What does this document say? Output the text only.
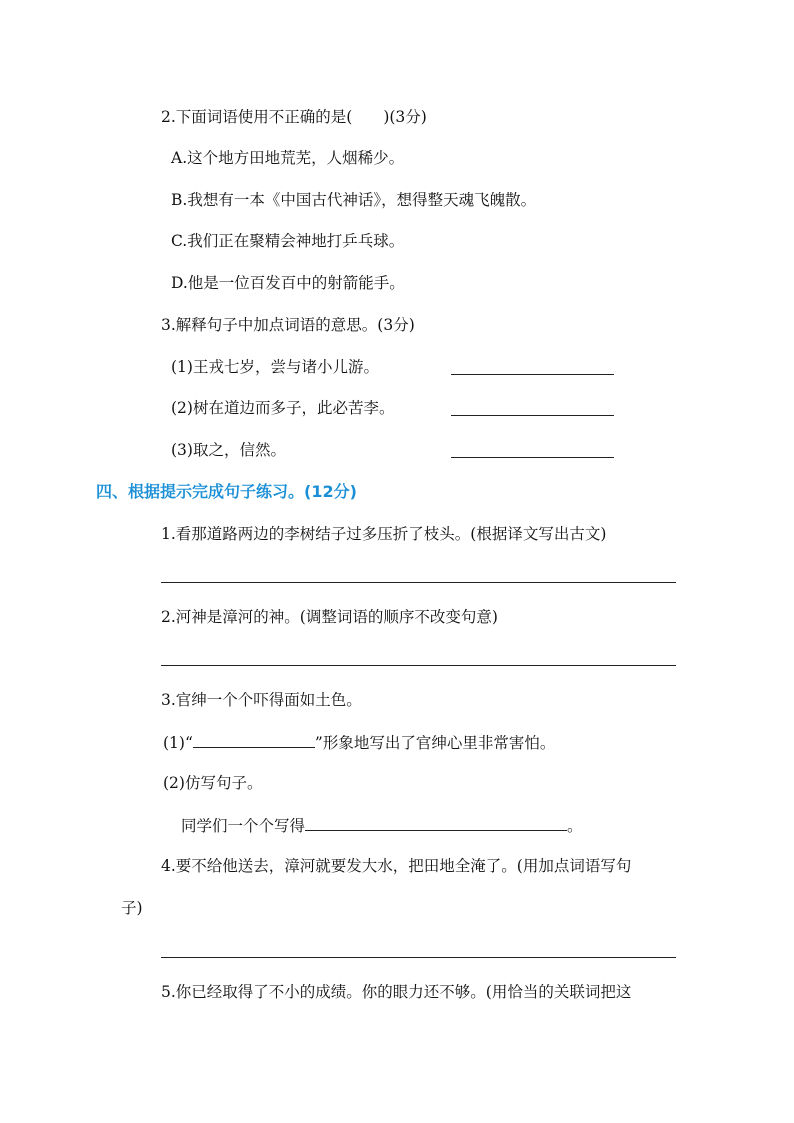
2.下面词语使用不正确的是(　　)(3分)
A.这个地方田地荒芜，人烟稀少。
B.我想有一本《中国古代神话》，想得整天魂飞魄散。
C.我们正在聚精会神地打乒乓球。
D.他是一位百发百中的射箭能手。
3.解释句子中加点词语的意思。(3分)
(1)王戎七岁，尝与诸小儿游。
(2)树在道边而多子，此必苦李。
(3)取之，信然。
四、根据提示完成句子练习。(12分)
1.看那道路两边的李树结子过多压折了枝头。(根据译文写出古文)
2.河神是漳河的神。(调整词语的顺序不改变句意)
3.官绅一个个吓得面如土色。
(1)“	”形象地写出了官绅心里非常害怕。
(2)仿写句子。
同学们一个个写得	。
4.要不给他送去，漳河就要发大水，把田地全淹了。(用加点词语写句
子)
5.你已经取得了不小的成绩。你的眼力还不够。(用恰当的关联词把这
